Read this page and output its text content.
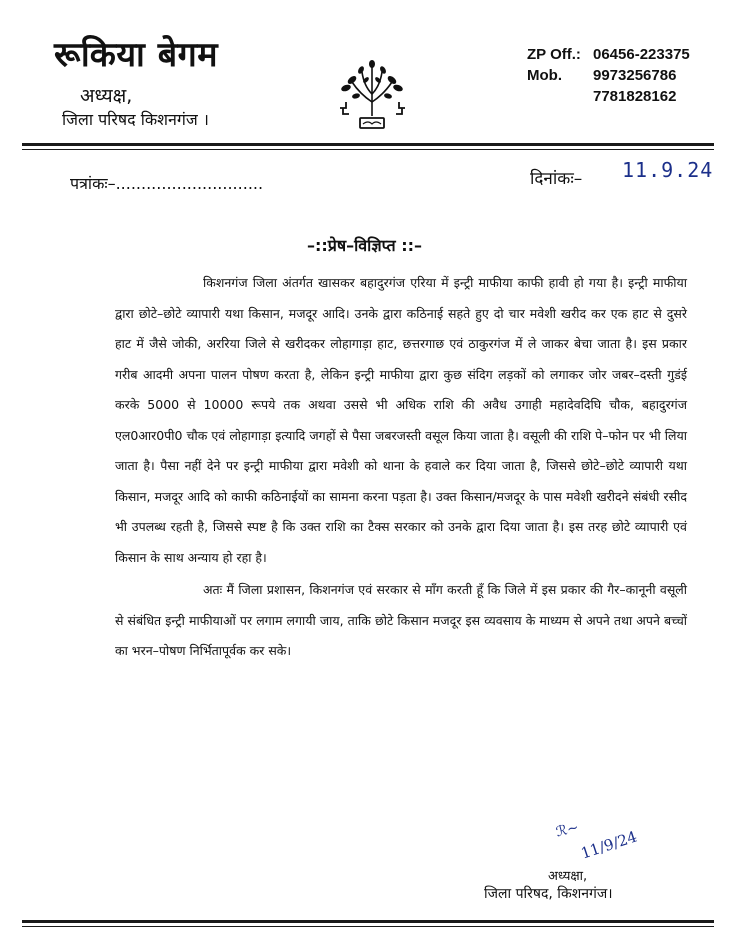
रूकिया बेगम
अध्यक्ष,
जिला परिषद किशनगंज ।
ZP Off.: 06456-223375
Mob.	9973256786
7781828162
पत्रांकः–.............................	दिनांकः– 11.9.24
–::प्रेष–विज्ञिप्त ::–

किशनगंज जिला अंतर्गत खासकर बहादुरगंज एरिया में इन्ट्री माफीया काफी हावी हो गया है। इन्ट्री माफीया द्वारा छोटे–छोटे व्यापारी यथा किसान, मजदूर आदि। उनके द्वारा कठिनाई सहते हुए दो चार मवेशी खरीद कर एक हाट से दुसरे हाट में जैसे जोकी, अररिया जिले से खरीदकर लोहागाड़ा हाट, छत्तरगाछ एवं ठाकुरगंज में ले जाकर बेचा जाता है। इस प्रकार गरीब आदमी अपना पालन पोषण करता है, लेकिन इन्ट्री माफीया द्वारा कुछ संदिग लड़कों को लगाकर जोर जबर–दस्ती गुडंई करके 5000 से 10000 रूपये तक अथवा उससे भी अधिक राशि की अवैध उगाही महादेवदिघि चौक, बहादुरगंज एल0आर0पी0 चौक एवं लोहागाड़ा इत्यादि जगहों से पैसा जबरजस्ती वसूल किया जाता है। वसूली की राशि पे–फोन पर भी लिया जाता है। पैसा नहीं देने पर इन्ट्री माफीया द्वारा मवेशी को थाना के हवाले कर दिया जाता है, जिससे छोटे–छोटे व्यापारी यथा किसान, मजदूर आदि को काफी कठिनाईयों का सामना करना पड़ता है। उक्त किसान/मजदूर के पास मवेशी खरीदने संबंधी रसीद भी उपलब्ध रहती है, जिससे स्पष्ट है कि उक्त राशि का टैक्स सरकार को उनके द्वारा दिया जाता है। इस तरह छोटे व्यापारी एवं किसान के साथ अन्याय हो रहा है।

अतः मैं जिला प्रशासन, किशनगंज एवं सरकार से माँग करती हूँ कि जिले में इस प्रकार की गैर–कानूनी वसूली से संबंधित इन्ट्री माफीयाओं पर लगाम लगायी जाय, ताकि छोटे किसान मजदूर इस व्यवसाय के माध्यम से अपने तथा अपने बच्चों का भरन–पोषण निर्भितापूर्वक कर सके।

ℛ~
11/9/24
अध्यक्षा,
जिला परिषद, किशनगंज।
